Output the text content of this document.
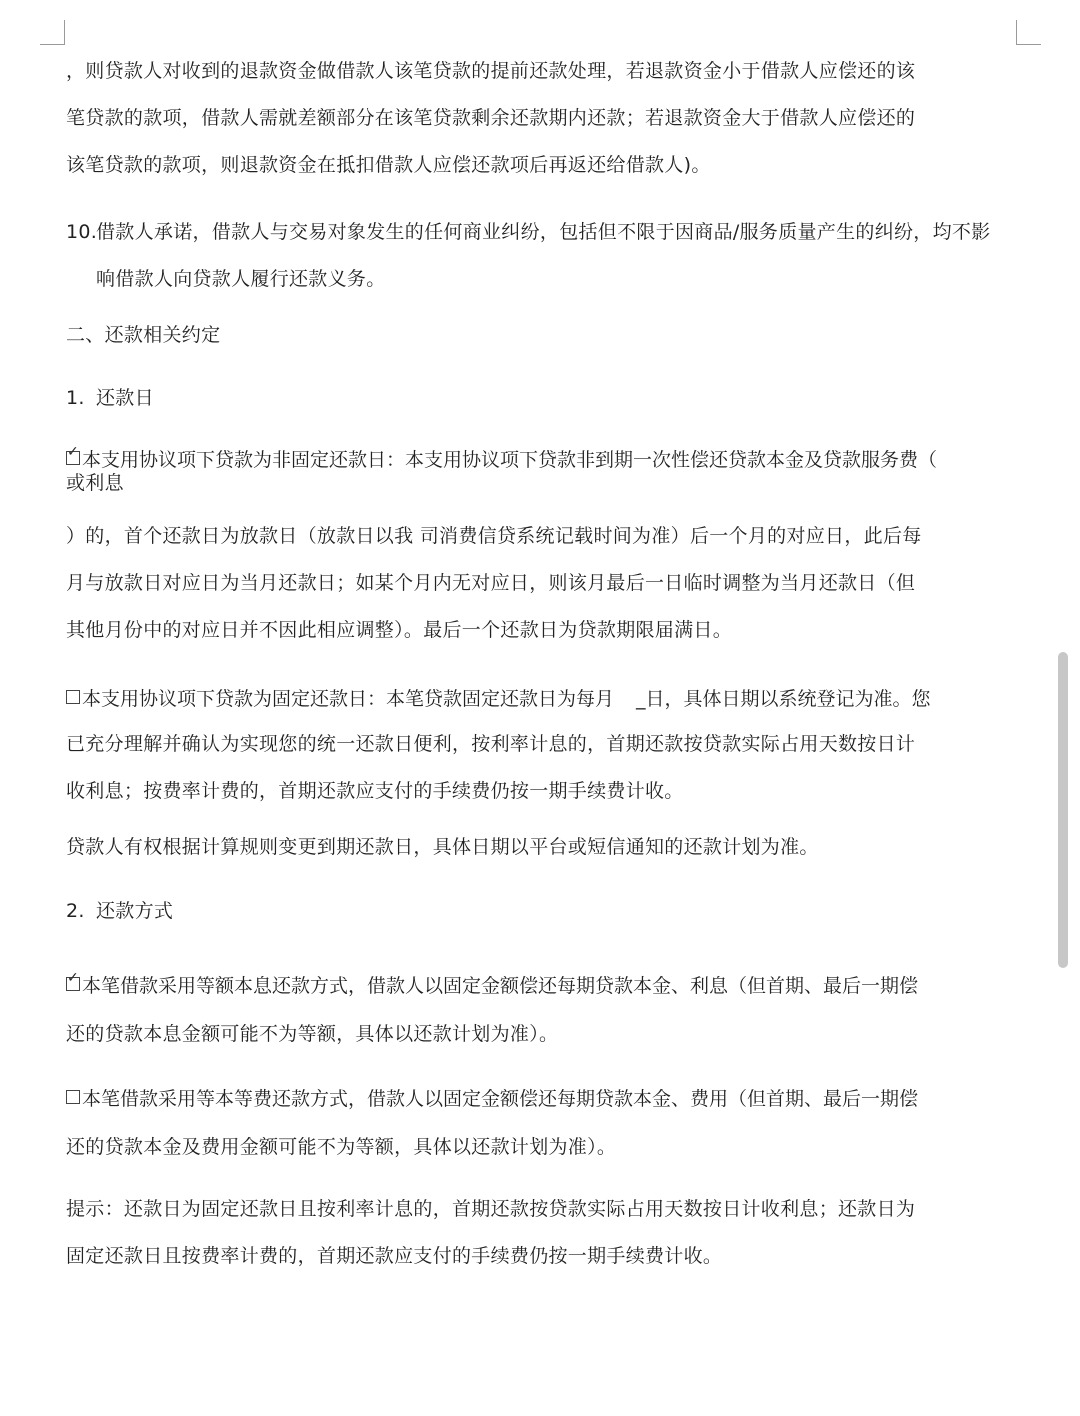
，则贷款人对收到的退款资金做借款人该笔贷款的提前还款处理，若退款资金小于借款人应偿还的该
笔贷款的款项，借款人需就差额部分在该笔贷款剩余还款期内还款；若退款资金大于借款人应偿还的
该笔贷款的款项，则退款资金在抵扣借款人应偿还款项后再返还给借款人)。
10.借款人承诺，借款人与交易对象发生的任何商业纠纷，包括但不限于因商品/服务质量产生的纠纷，均不影
响借款人向贷款人履行还款义务。
二、还款相关约定
1. 还款日
✓本支用协议项下贷款为非固定还款日：本支用协议项下贷款非到期一次性偿还贷款本金及贷款服务费（
或利息
）的，首个还款日为放款日（放款日以我 司消费信贷系统记载时间为准）后一个月的对应日，此后每
月与放款日对应日为当月还款日；如某个月内无对应日，则该月最后一日临时调整为当月还款日（但
其他月份中的对应日并不因此相应调整）。最后一个还款日为贷款期限届满日。
本支用协议项下贷款为固定还款日：本笔贷款固定还款日为每月 _日，具体日期以系统登记为准。您
已充分理解并确认为实现您的统一还款日便利，按利率计息的，首期还款按贷款实际占用天数按日计
收利息；按费率计费的，首期还款应支付的手续费仍按一期手续费计收。
贷款人有权根据计算规则变更到期还款日，具体日期以平台或短信通知的还款计划为准。
2. 还款方式
✓本笔借款采用等额本息还款方式，借款人以固定金额偿还每期贷款本金、利息（但首期、最后一期偿
还的贷款本息金额可能不为等额，具体以还款计划为准）。
本笔借款采用等本等费还款方式，借款人以固定金额偿还每期贷款本金、费用（但首期、最后一期偿
还的贷款本金及费用金额可能不为等额，具体以还款计划为准）。
提示：还款日为固定还款日且按利率计息的，首期还款按贷款实际占用天数按日计收利息；还款日为
固定还款日且按费率计费的，首期还款应支付的手续费仍按一期手续费计收。
